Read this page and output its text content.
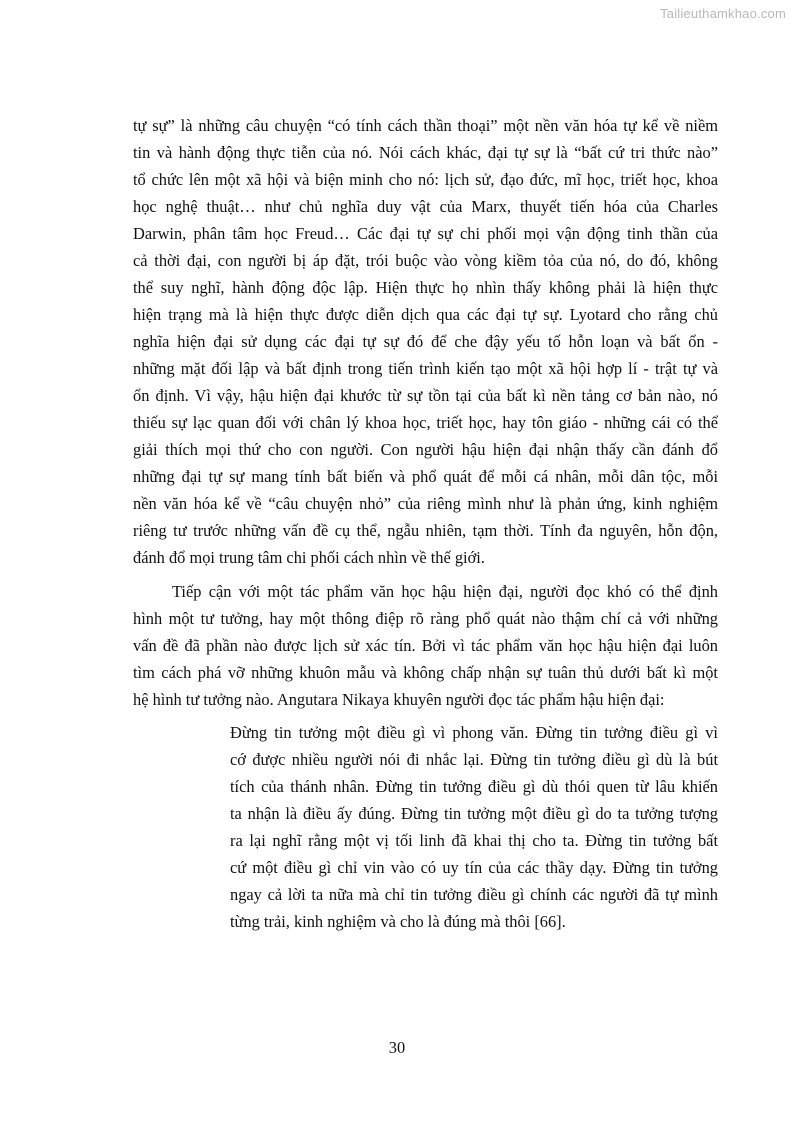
Tailieuthamkhao.com
tự sự” là những câu chuyện “có tính cách thần thoại” một nền văn hóa tự kể về niềm
tin và hành động thực tiễn của nó. Nói cách khác, đại tự sự là “bất cứ tri thức nào”
tổ chức lên một xã hội và biện minh cho nó: lịch sử, đạo đức, mĩ học, triết học, khoa
học nghệ thuật… như chủ nghĩa duy vật của Marx, thuyết tiến hóa của Charles
Darwin, phân tâm học Freud… Các đại tự sự chi phối mọi vận động tinh thần của
cả thời đại, con người bị áp đặt, trói buộc vào vòng kiềm tỏa của nó, do đó, không
thể suy nghĩ, hành động độc lập. Hiện thực họ nhìn thấy không phải là hiện thực
hiện trạng mà là hiện thực được diễn dịch qua các đại tự sự. Lyotard cho rằng chủ
nghĩa hiện đại sử dụng các đại tự sự đó để che đậy yếu tố hỗn loạn và bất ổn -
những mặt đối lập và bất định trong tiến trình kiến tạo một xã hội hợp lí - trật tự và
ổn định. Vì vậy, hậu hiện đại khước từ sự tồn tại của bất kì nền tảng cơ bản nào, nó
thiếu sự lạc quan đối với chân lý khoa học, triết học, hay tôn giáo - những cái có thể
giải thích mọi thứ cho con người. Con người hậu hiện đại nhận thấy cần đánh đổ
những đại tự sự mang tính bất biến và phổ quát để mỗi cá nhân, mỗi dân tộc, mỗi
nền văn hóa kể về “câu chuyện nhỏ” của riêng mình như là phản ứng, kinh nghiệm
riêng tư trước những vấn đề cụ thể, ngẫu nhiên, tạm thời. Tính đa nguyên, hỗn độn,
đánh đổ mọi trung tâm chi phối cách nhìn về thế giới.
Tiếp cận với một tác phẩm văn học hậu hiện đại, người đọc khó có thể định
hình một tư tưởng, hay một thông điệp rõ ràng phổ quát nào thậm chí cả với những
vấn đề đã phần nào được lịch sử xác tín. Bởi vì tác phẩm văn học hậu hiện đại luôn
tìm cách phá vỡ những khuôn mẫu và không chấp nhận sự tuân thủ dưới bất kì một
hệ hình tư tưởng nào. Angutara Nikaya khuyên người đọc tác phẩm hậu hiện đại:
Đừng tin tưởng một điều gì vì phong văn. Đừng tin tưởng điều gì vì
cớ được nhiều người nói đi nhắc lại. Đừng tin tưởng điều gì dù là bút
tích của thánh nhân. Đừng tin tưởng điều gì dù thói quen từ lâu khiến
ta nhận là điều ấy đúng. Đừng tin tưởng một điều gì do ta tưởng tượng
ra lại nghĩ rằng một vị tối linh đã khai thị cho ta. Đừng tin tưởng bất
cứ một điều gì chỉ vin vào có uy tín của các thầy dạy. Đừng tin tưởng
ngay cả lời ta nữa mà chỉ tin tưởng điều gì chính các người đã tự mình
từng trải, kinh nghiệm và cho là đúng mà thôi [66].
30
